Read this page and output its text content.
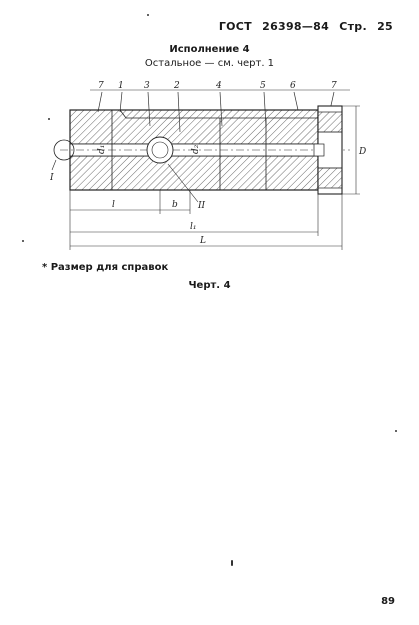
ГОСТ 26398—84 Стр. 25
Исполнение 4
Остальное — см. черт. 1
7 1 3	2	4	5	6	7
I
D
d₁	d₂
II
l	b
l₁
L
* Размер для справок
Черт. 4
89
